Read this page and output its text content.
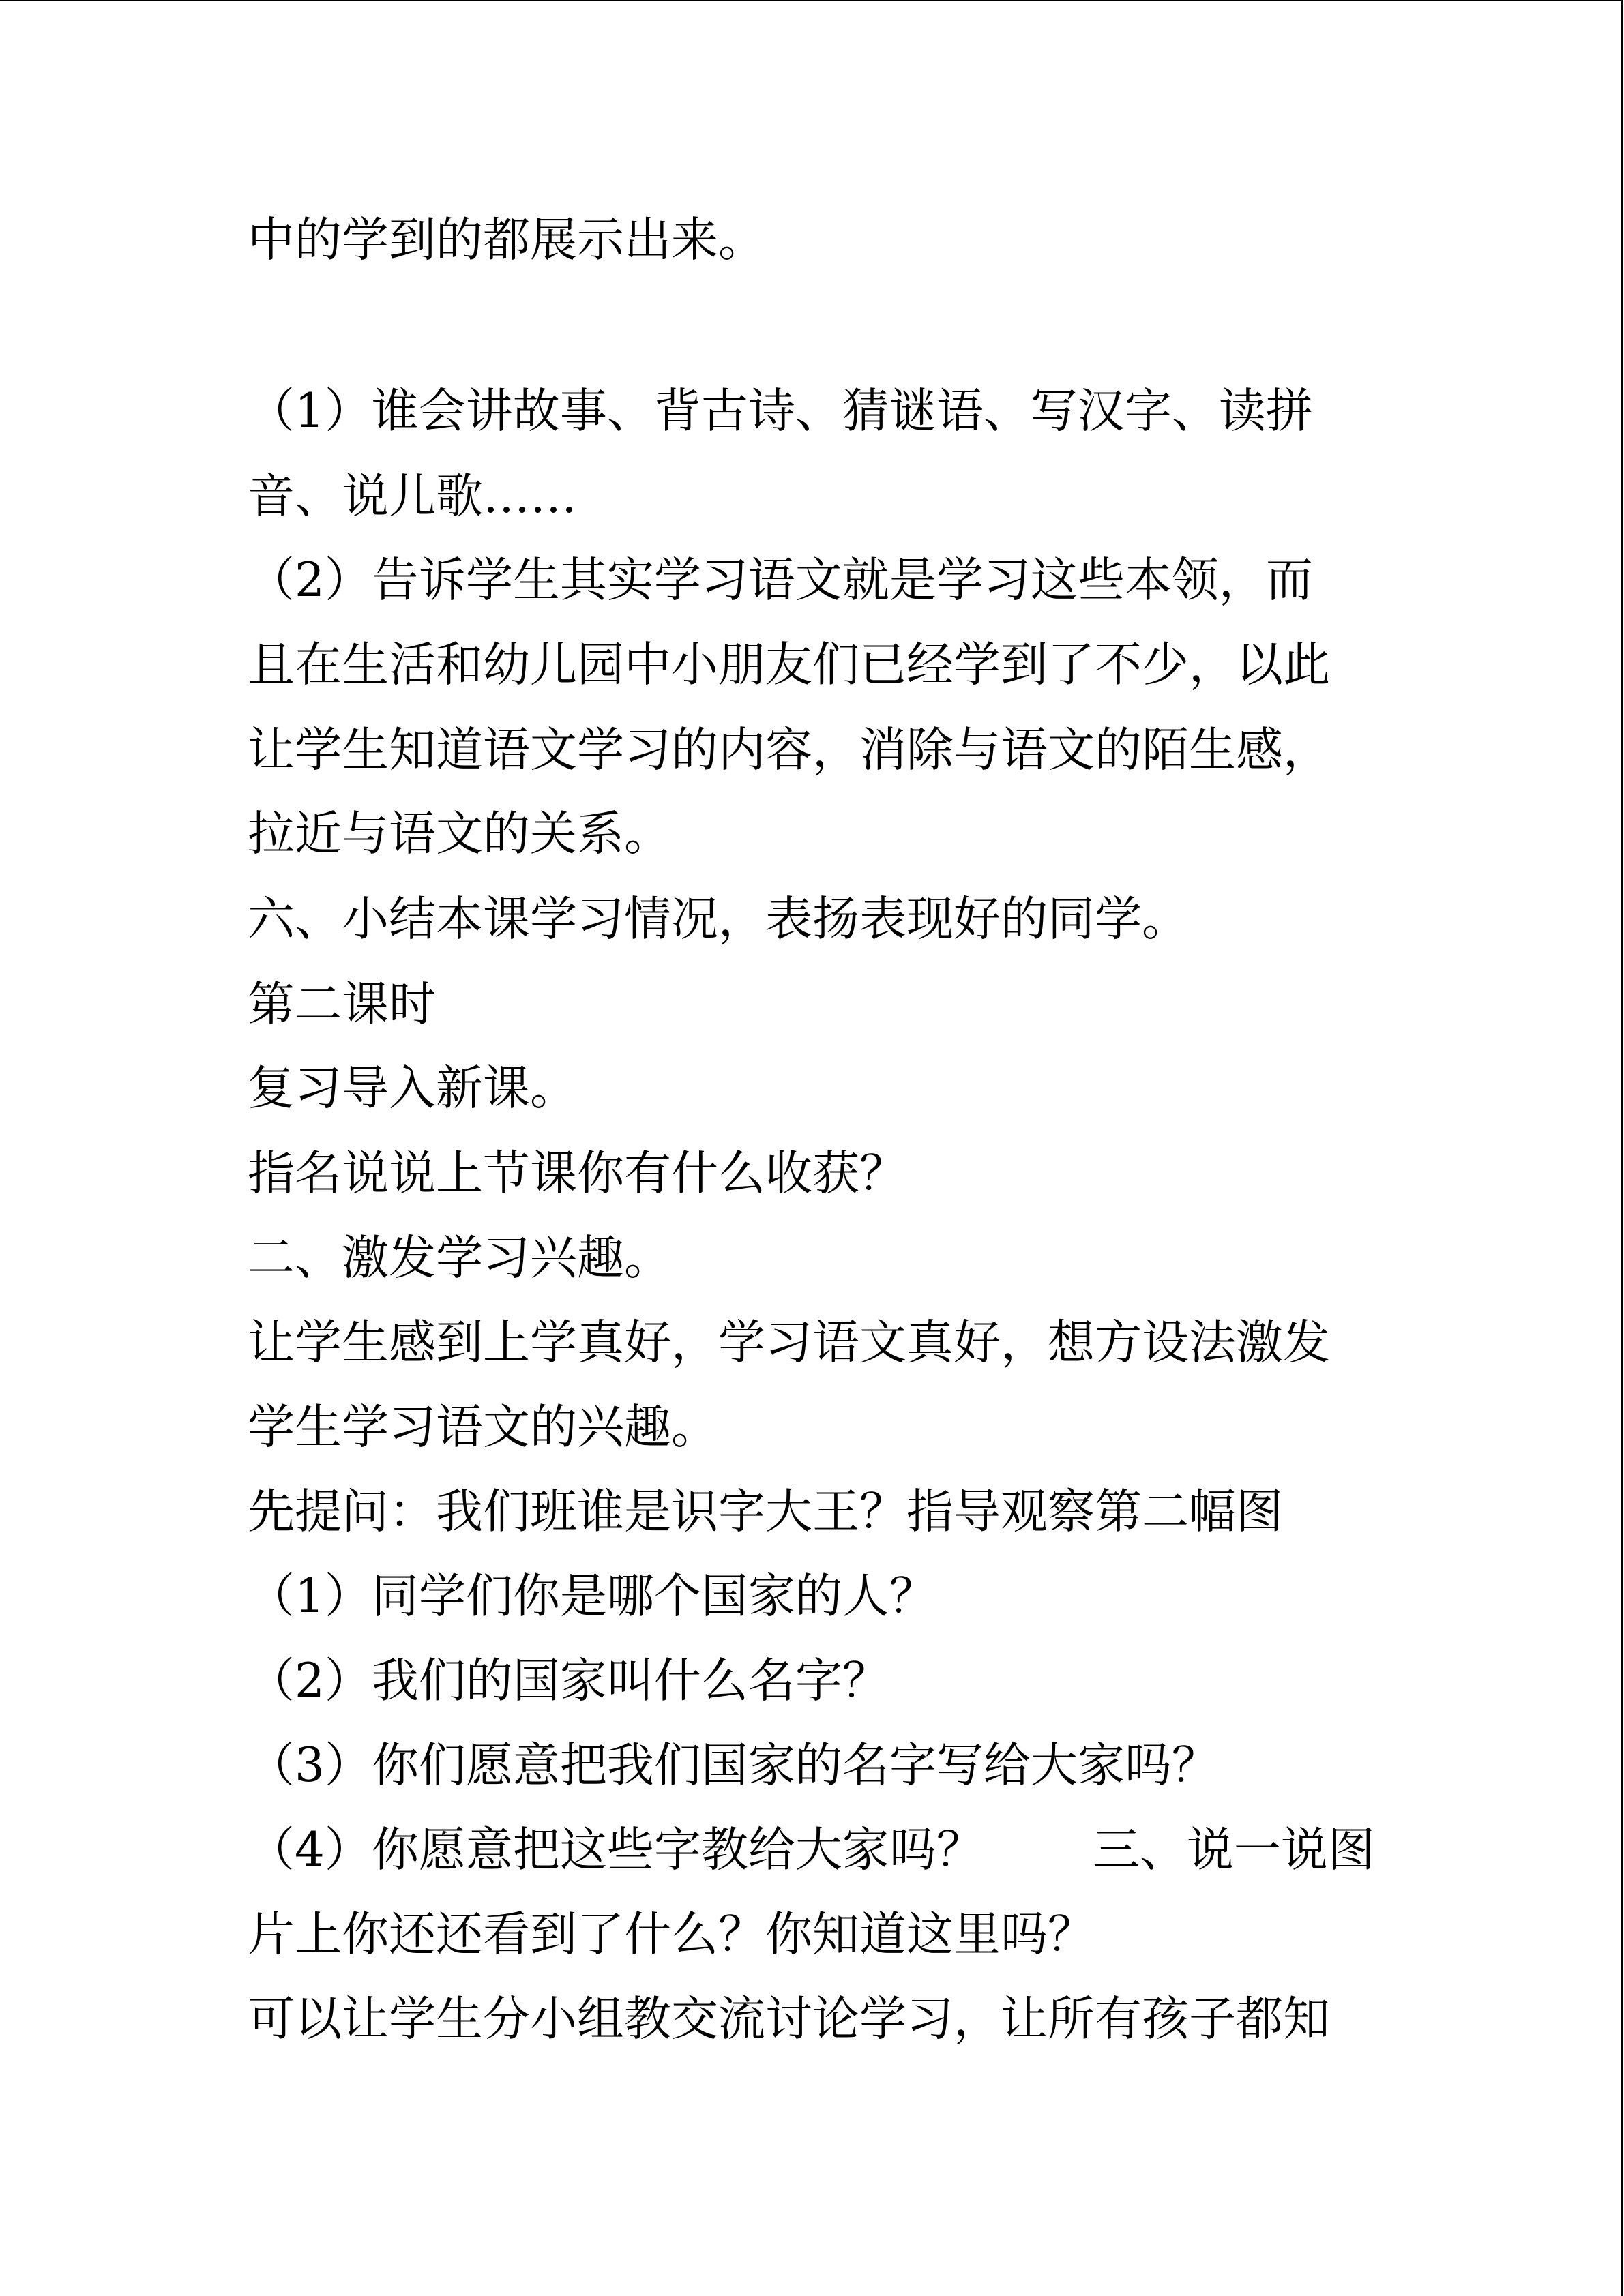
中的学到的都展示出来。
（1）谁会讲故事、背古诗、猜谜语、写汉字、读拼
音、说儿歌……
（2）告诉学生其实学习语文就是学习这些本领，而
且在生活和幼儿园中小朋友们已经学到了不少，以此
让学生知道语文学习的内容，消除与语文的陌生感，
拉近与语文的关系。
六、小结本课学习情况，表扬表现好的同学。
第二课时
复习导入新课。
指名说说上节课你有什么收获？
二、激发学习兴趣。
让学生感到上学真好，学习语文真好，想方设法激发
学生学习语文的兴趣。
先提问：我们班谁是识字大王？指导观察第二幅图
（1）同学们你是哪个国家的人？
（2）我们的国家叫什么名字？
（3）你们愿意把我们国家的名字写给大家吗？
（4）你愿意把这些字教给大家吗？　　 三、说一说图
片上你还还看到了什么？你知道这里吗？
可以让学生分小组教交流讨论学习，让所有孩子都知
